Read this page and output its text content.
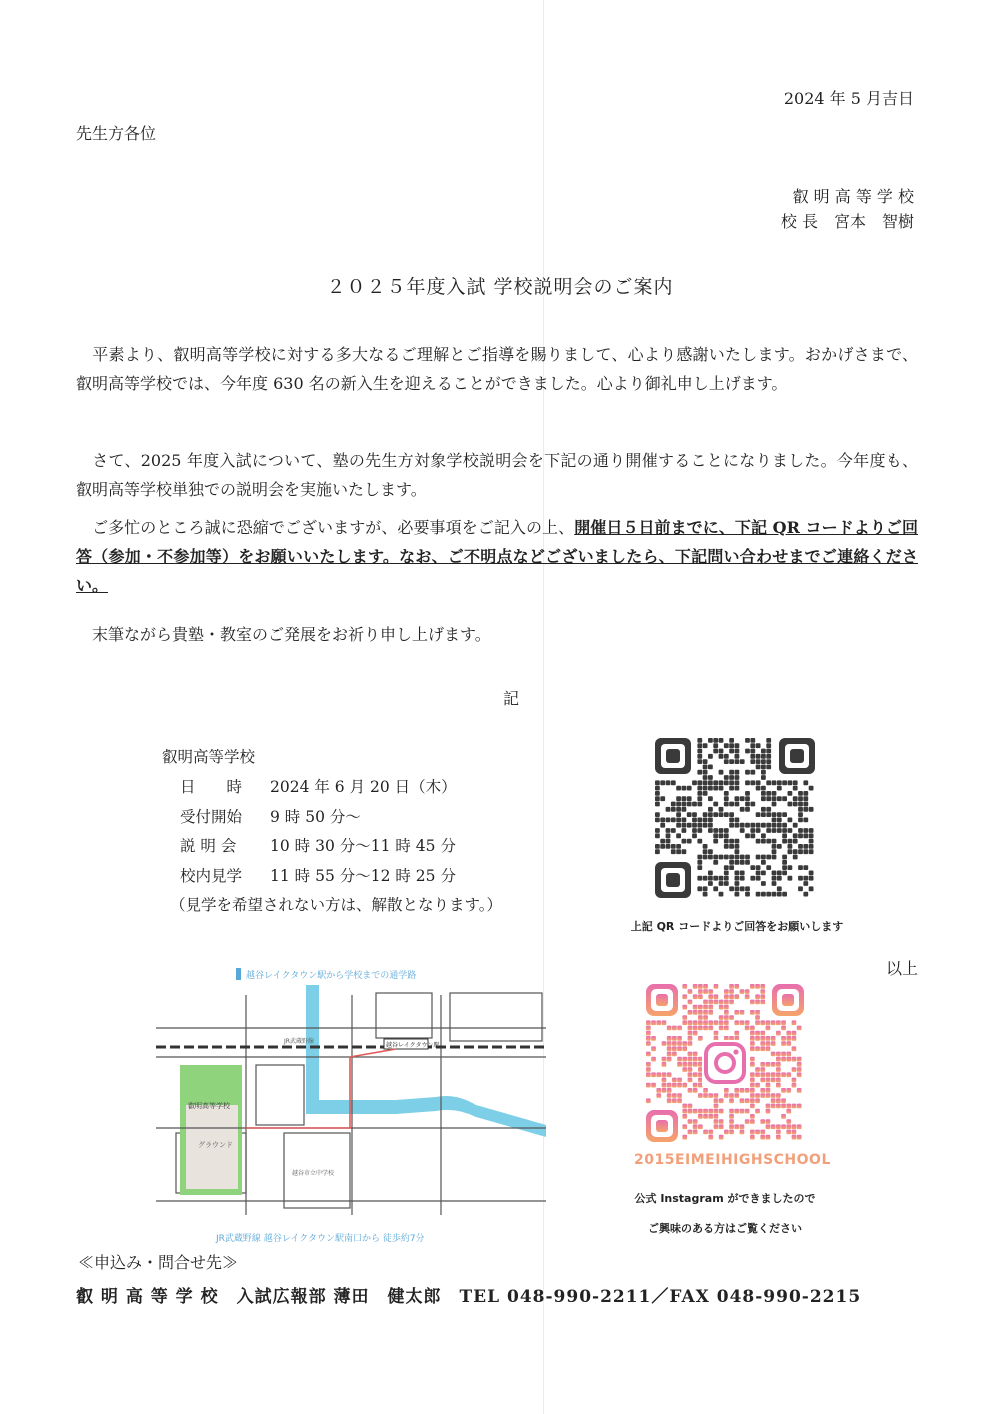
2024 年 5 月吉日
先生方各位
叡 明 高 等 学 校
校 長　宮本　智樹
２０２５年度入試 学校説明会のご案内
　平素より、叡明高等学校に対する多大なるご理解とご指導を賜りまして、心より感謝いたします。おかげさまで、叡明高等学校では、今年度 630 名の新入生を迎えることができました。心より御礼申し上げます。
　さて、2025 年度入試について、塾の先生方対象学校説明会を下記の通り開催することになりました。今年度も、叡明高等学校単独での説明会を実施いたします。
　ご多忙のところ誠に恐縮でございますが、必要事項をご記入の上、開催日５日前までに、下記 QR コードよりご回答（参加・不参加等）をお願いいたします。なお、ご不明点などございましたら、下記問い合わせまでご連絡ください。
　末筆ながら貴塾・教室のご発展をお祈り申し上げます。
記
叡明高等学校
日　　時	2024 年 6 月 20 日（木）
受付開始	9 時 50 分～
説 明 会	10 時 30 分～11 時 45 分
校内見学	11 時 55 分～12 時 25 分
（見学を希望されない方は、解散となります。）
上記 QR コードよりご回答をお願いします
以上
越谷レイクタウン駅から学校までの通学路
叡明高等学校
グラウンド
越谷市立中学校
JR武蔵野線
越谷レイクタウン駅
JR武蔵野線 越谷レイクタウン駅南口から 徒歩約7分
2015EIMEIHIGHSCHOOL
公式 Instagram ができましたので
ご興味のある方はご覧ください
≪申込み・問合せ先≫
叡 明 高 等 学 校　入試広報部 薄田　健太郎　TEL 048-990-2211／FAX 048-990-2215
